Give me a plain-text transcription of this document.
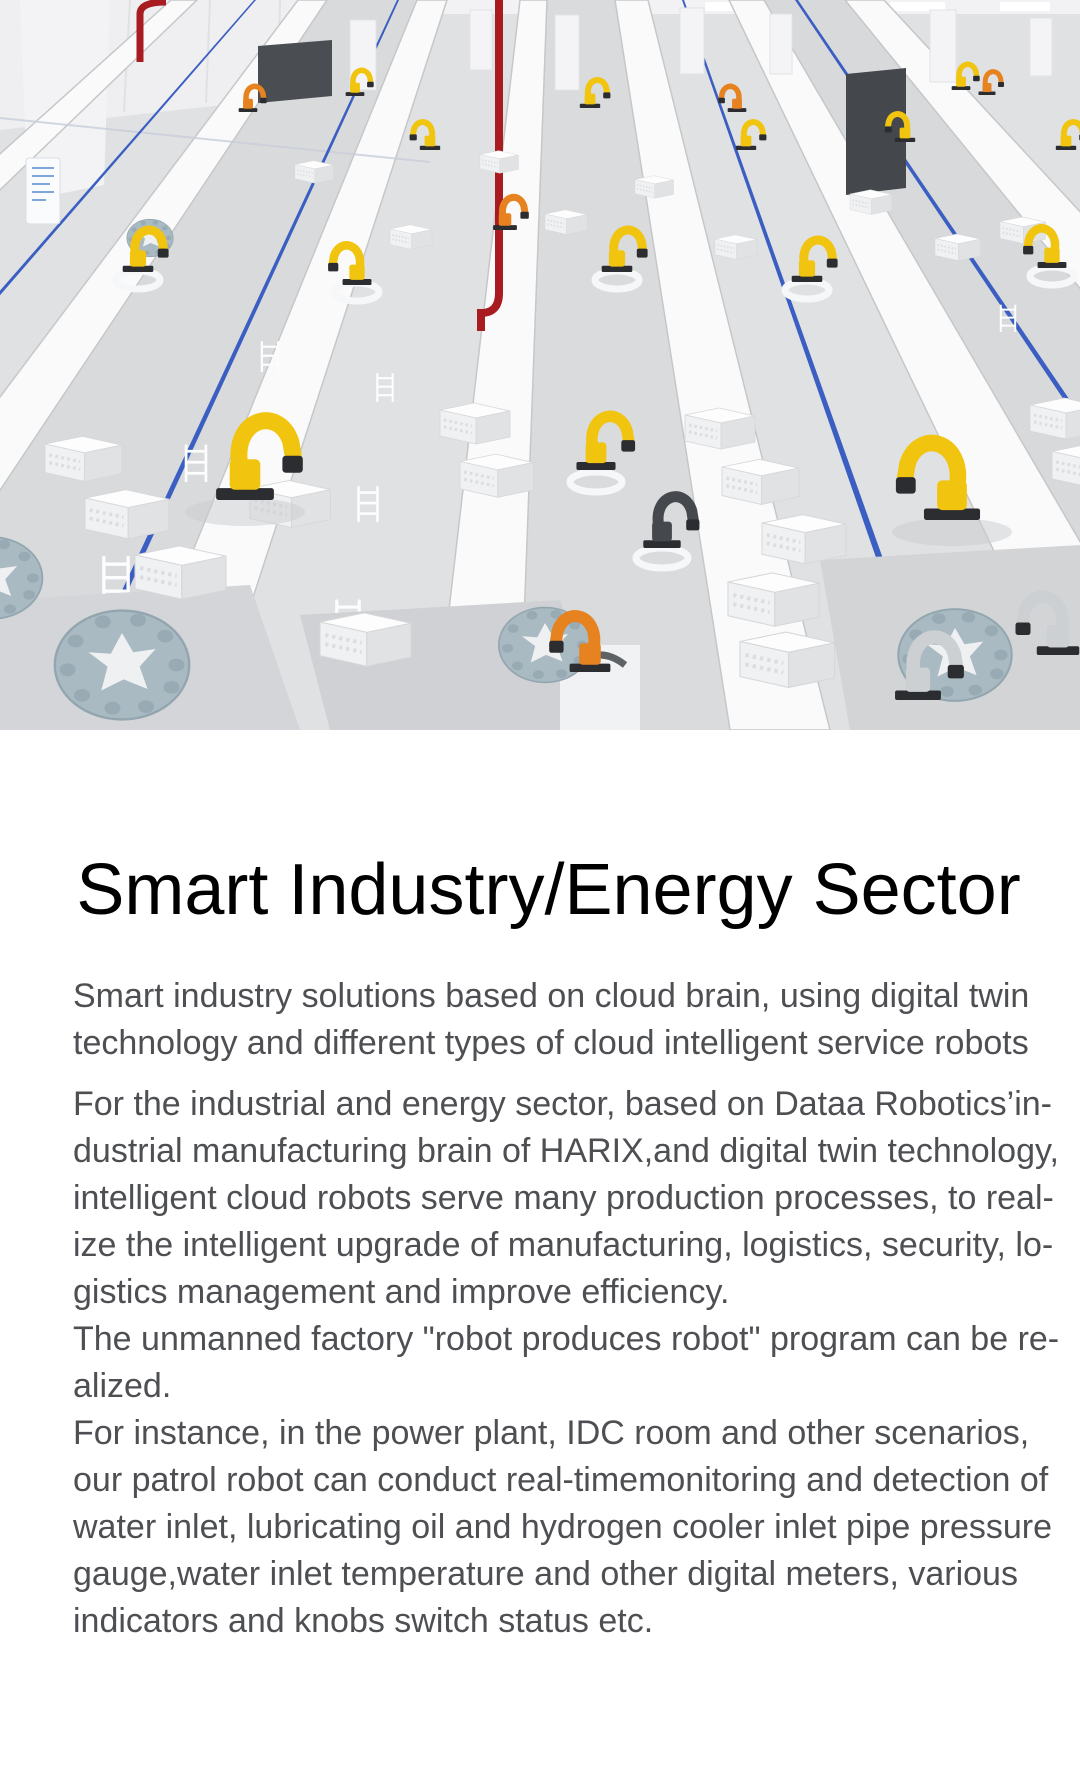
Smart Industry/Energy Sector
Smart industry solutions based on cloud brain, using digital twin
technology and different types of cloud intelligent service robots
For the industrial and energy sector, based on Dataa Robotics’in-
dustrial manufacturing brain of HARIX,and digital twin technology,
intelligent cloud robots serve many production processes, to real-
ize the intelligent upgrade of manufacturing, logistics, security, lo-
gistics management and improve efficiency.
The unmanned factory "robot produces robot" program can be re-
alized.
For instance, in the power plant, IDC room and other scenarios,
our patrol robot can conduct real-timemonitoring and detection of
water inlet, lubricating oil and hydrogen cooler inlet pipe pressure
gauge,water inlet temperature and other digital meters, various
indicators and knobs switch status etc.
